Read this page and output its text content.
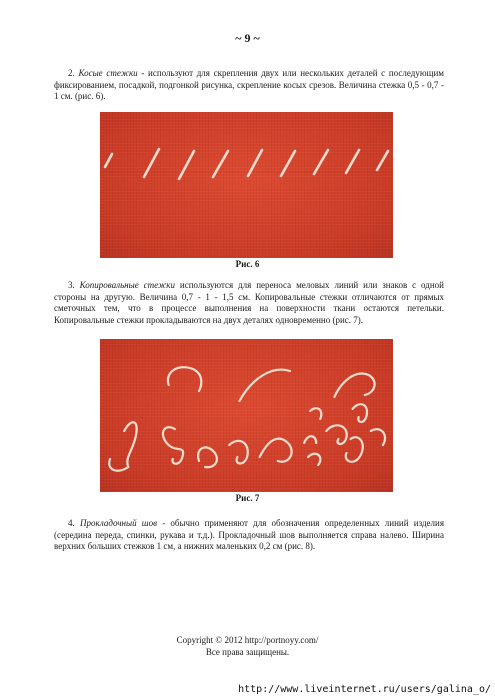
~ 9 ~

2. Косые стежки - используют для скрепления двух или нескольких деталей с последующим фиксированием, посадкой, подгонкой рисунка, скрепление косых срезов. Величина стежка 0,5 - 0,7 - 1 см. (рис. 6).

Рис. 6

3. Копировальные стежки используются для переноса меловых линий или знаков с одной стороны на другую. Величина 0,7 - 1 - 1,5 см. Копировальные стежки отличаются от прямых сметочных тем, что в процессе выполнения на поверхности ткани остаются петельки. Копировальные стежки прокладываются на двух деталях одновременно (рис. 7).

Рис. 7

4. Прокладочный шов - обычно применяют для обозначения определенных линий изделия (середина переда, спинки, рукава и т.д.). Прокладочный шов выполняется справа налево. Ширина верхних больших стежков 1 см, а нижних маленьких 0,2 см (рис. 8).

Copyright © 2012 http://portnoyy.com/
Все права защищены.
http://www.liveinternet.ru/users/galina_o/
